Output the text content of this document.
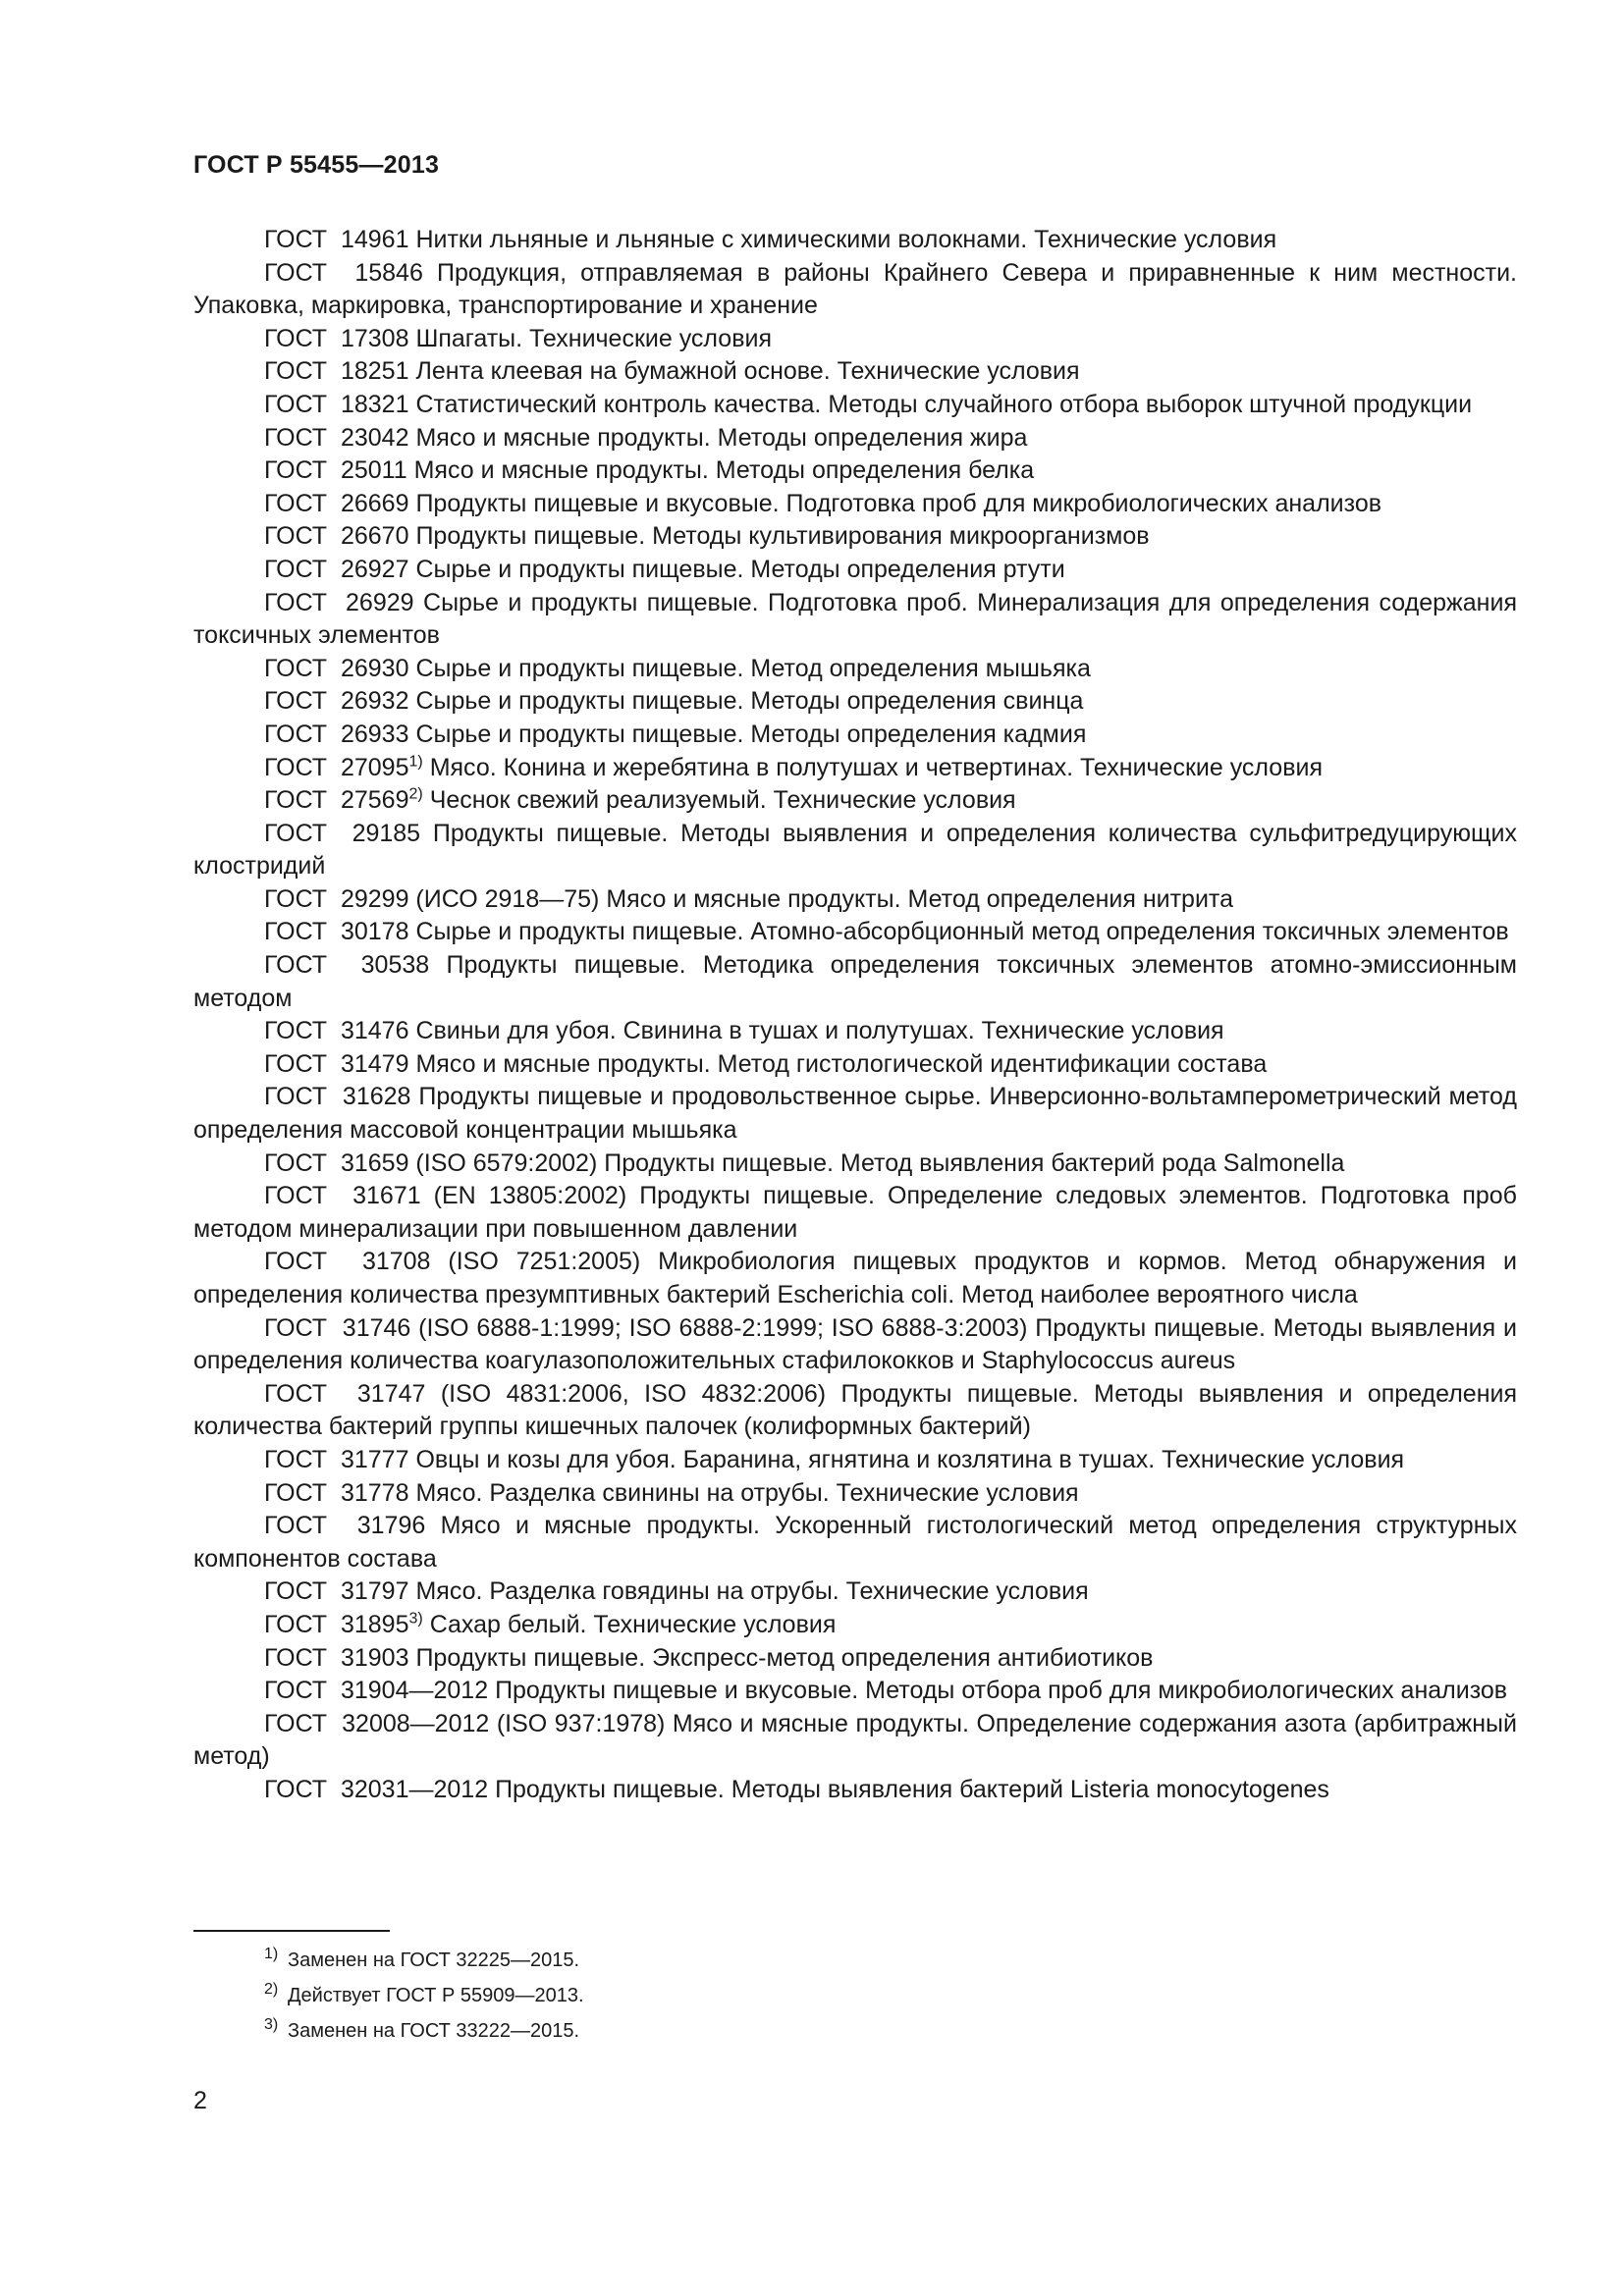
ГОСТ Р 55455—2013

ГОСТ  14961 Нитки льняные и льняные с химическими волокнами. Технические условия

ГОСТ  15846 Продукция, отправляемая в районы Крайнего Севера и приравненные к ним местности. Упаковка, маркировка, транспортирование и хранение

ГОСТ  17308 Шпагаты. Технические условия

ГОСТ  18251 Лента клеевая на бумажной основе. Технические условия

ГОСТ  18321 Статистический контроль качества. Методы случайного отбора выборок штучной продукции

ГОСТ  23042 Мясо и мясные продукты. Методы определения жира

ГОСТ  25011 Мясо и мясные продукты. Методы определения белка

ГОСТ  26669 Продукты пищевые и вкусовые. Подготовка проб для микробиологических анализов

ГОСТ  26670 Продукты пищевые. Методы культивирования микроорганизмов

ГОСТ  26927 Сырье и продукты пищевые. Методы определения ртути

ГОСТ  26929 Сырье и продукты пищевые. Подготовка проб. Минерализация для определения содержания токсичных элементов

ГОСТ  26930 Сырье и продукты пищевые. Метод определения мышьяка

ГОСТ  26932 Сырье и продукты пищевые. Методы определения свинца

ГОСТ  26933 Сырье и продукты пищевые. Методы определения кадмия

ГОСТ  27095$^{1)}$ Мясо. Конина и жеребятина в полутушах и четвертинах. Технические условия

ГОСТ  27569$^{2)}$ Чеснок свежий реализуемый. Технические условия

ГОСТ  29185 Продукты пищевые. Методы выявления и определения количества сульфитредуцирующих клостридий

ГОСТ  29299 (ИСО 2918—75) Мясо и мясные продукты. Метод определения нитрита

ГОСТ  30178 Сырье и продукты пищевые. Атомно-абсорбционный метод определения токсичных элементов

ГОСТ  30538 Продукты пищевые. Методика определения токсичных элементов атомно-эмиссионным методом

ГОСТ  31476 Свиньи для убоя. Свинина в тушах и полутушах. Технические условия

ГОСТ  31479 Мясо и мясные продукты. Метод гистологической идентификации состава

ГОСТ  31628 Продукты пищевые и продовольственное сырье. Инверсионно-вольтамперометрический метод определения массовой концентрации мышьяка

ГОСТ  31659 (ISO 6579:2002) Продукты пищевые. Метод выявления бактерий рода Salmonella

ГОСТ  31671 (EN 13805:2002) Продукты пищевые. Определение следовых элементов. Подготовка проб методом минерализации при повышенном давлении

ГОСТ  31708 (ISO 7251:2005) Микробиология пищевых продуктов и кормов. Метод обнаружения и определения количества презумптивных бактерий Escherichia coli. Метод наиболее вероятного числа

ГОСТ  31746 (ISO 6888-1:1999; ISO 6888-2:1999; ISO 6888-3:2003) Продукты пищевые. Методы выявления и определения количества коагулазоположительных стафилококков и Staphylococcus aureus

ГОСТ  31747 (ISO 4831:2006, ISO 4832:2006) Продукты пищевые. Методы выявления и определения количества бактерий группы кишечных палочек (колиформных бактерий)

ГОСТ  31777 Овцы и козы для убоя. Баранина, ягнятина и козлятина в тушах. Технические условия

ГОСТ  31778 Мясо. Разделка свинины на отрубы. Технические условия

ГОСТ  31796 Мясо и мясные продукты. Ускоренный гистологический метод определения структурных компонентов состава

ГОСТ  31797 Мясо. Разделка говядины на отрубы. Технические условия

ГОСТ  31895$^{3)}$ Сахар белый. Технические условия

ГОСТ  31903 Продукты пищевые. Экспресс-метод определения антибиотиков

ГОСТ  31904—2012 Продукты пищевые и вкусовые. Методы отбора проб для микробиологических анализов

ГОСТ  32008—2012 (ISO 937:1978) Мясо и мясные продукты. Определение содержания азота (арбитражный метод)

ГОСТ  32031—2012 Продукты пищевые. Методы выявления бактерий Listeria monocytogenes

$^{1)}$ Заменен на ГОСТ 32225—2015.
$^{2)}$ Действует ГОСТ Р 55909—2013.
$^{3)}$ Заменен на ГОСТ 33222—2015.
2
